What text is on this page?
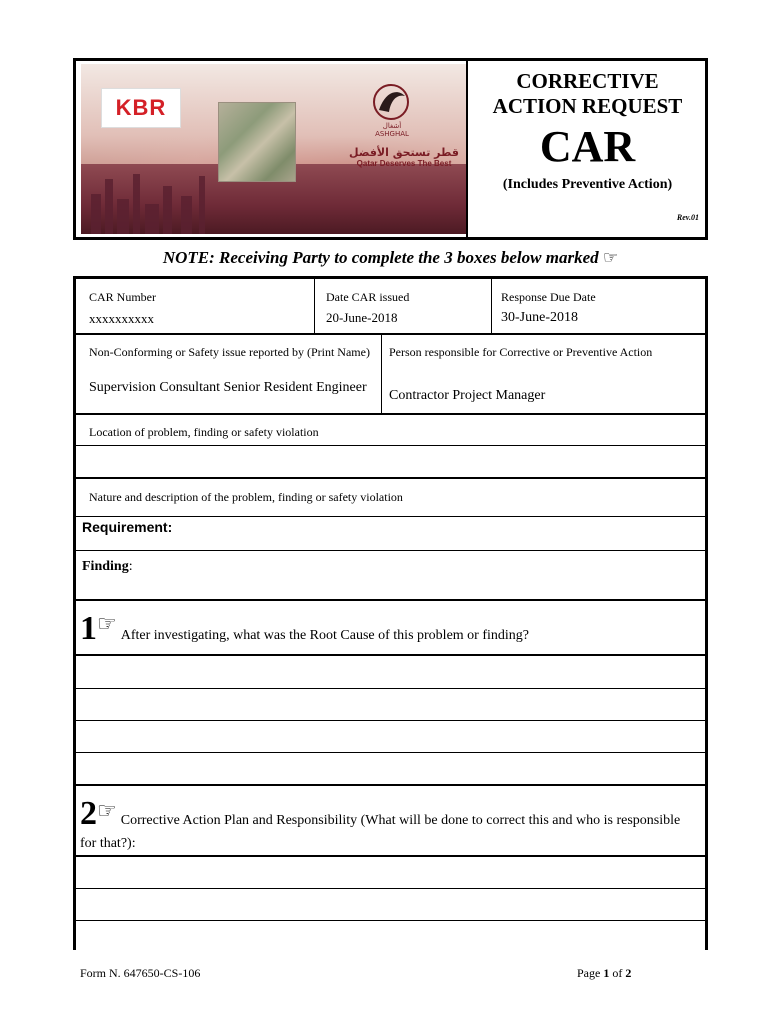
KBR
أشغال
ASHGHAL
قطر تستحق الأفضل
Qatar Deserves The Best
CORRECTIVE
ACTION REQUEST
CAR
(Includes Preventive Action)
Rev.01
NOTE: Receiving Party to complete the 3 boxes below marked ☞
CAR Number
xxxxxxxxxx
Date CAR issued
20-June-2018
Response Due Date
30-June-2018
Non-Conforming or Safety issue reported by (Print Name)
Supervision Consultant Senior Resident Engineer
Person responsible for Corrective or Preventive Action
Contractor Project Manager
Location of problem, finding or safety violation
Nature and description of the problem, finding or safety violation
Requirement:
Finding:
1☞ After investigating, what was the Root Cause of this problem or finding?
2☞ Corrective Action Plan and Responsibility (What will be done to correct this and who is responsible for that?):
Form N. 647650-CS-106	Page 1 of 2
